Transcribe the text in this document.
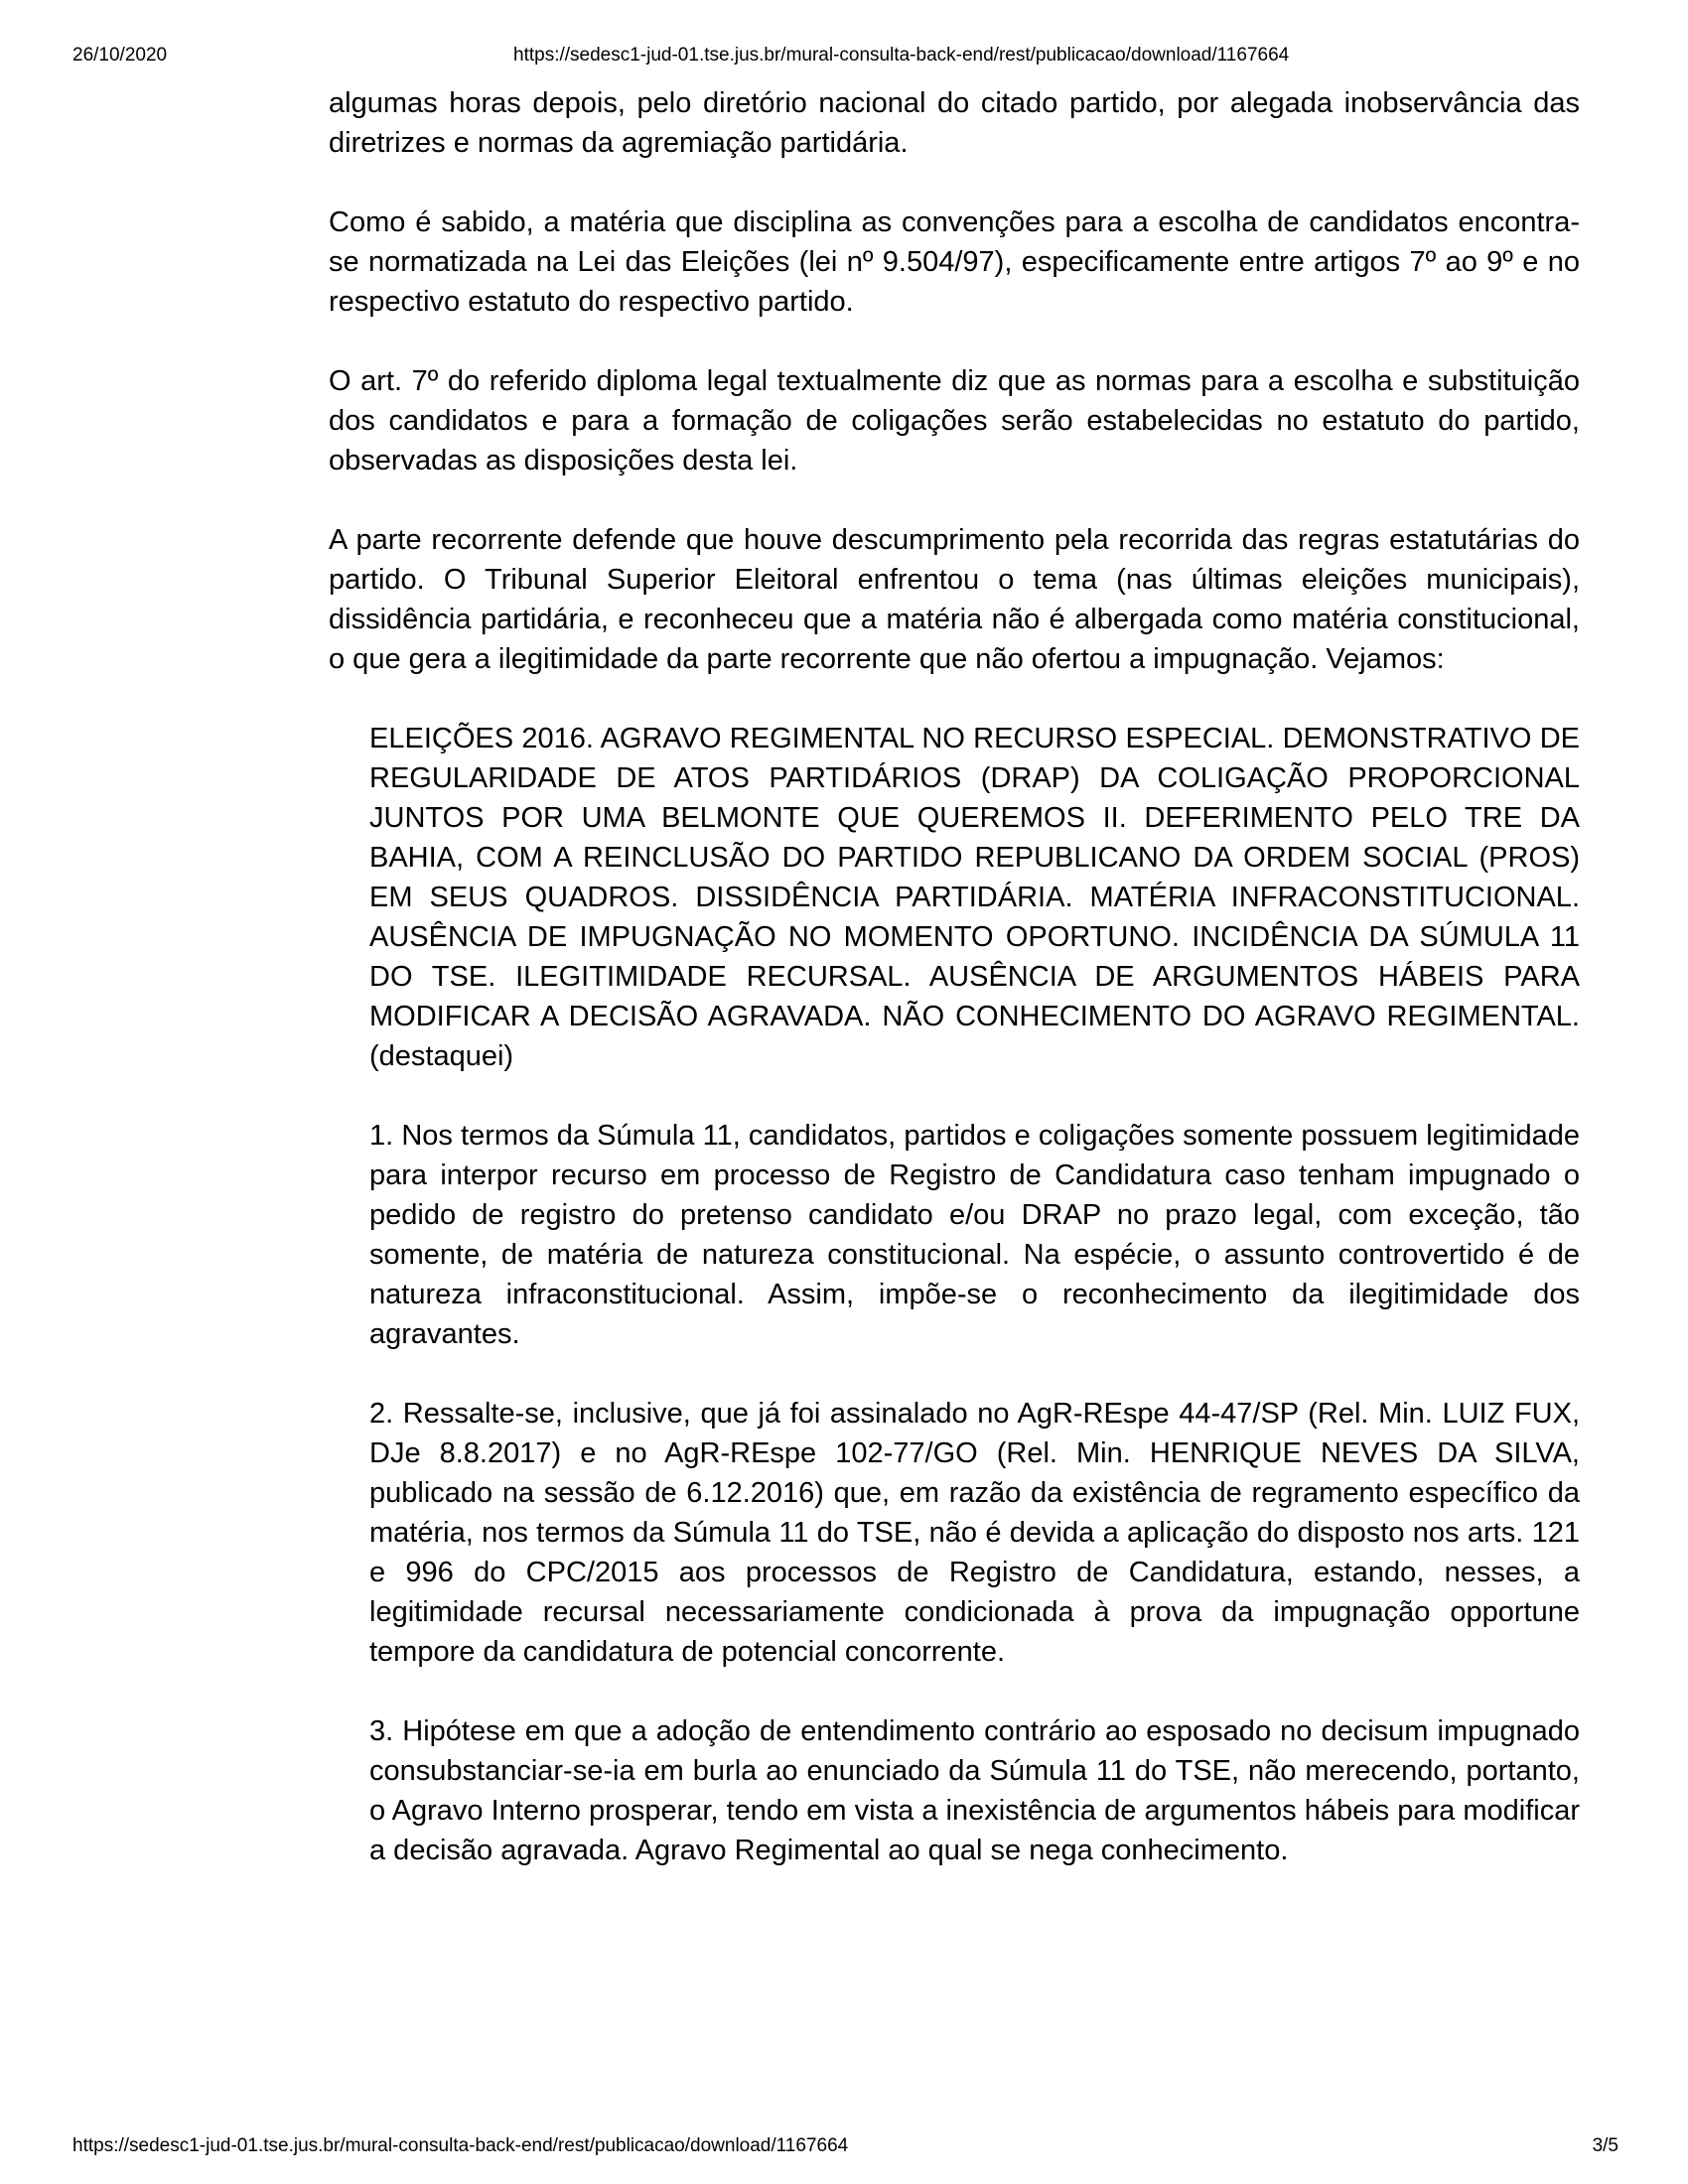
26/10/2020	https://sedesc1-jud-01.tse.jus.br/mural-consulta-back-end/rest/publicacao/download/1167664

algumas horas depois, pelo diretório nacional do citado partido, por alegada inobservância das diretrizes e normas da agremiação partidária.

Como é sabido, a matéria que disciplina as convenções para a escolha de candidatos encontra-se normatizada na Lei das Eleições (lei nº 9.504/97), especificamente entre artigos 7º ao 9º e no respectivo estatuto do respectivo partido.

O art. 7º do referido diploma legal textualmente diz que as normas para a escolha e substituição dos candidatos e para a formação de coligações serão estabelecidas no estatuto do partido, observadas as disposições desta lei.

A parte recorrente defende que houve descumprimento pela recorrida das regras estatutárias do partido. O Tribunal Superior Eleitoral enfrentou o tema (nas últimas eleições municipais), dissidência partidária, e reconheceu que a matéria não é albergada como matéria constitucional, o que gera a ilegitimidade da parte recorrente que não ofertou a impugnação. Vejamos:

ELEIÇÕES 2016. AGRAVO REGIMENTAL NO RECURSO ESPECIAL. DEMONSTRATIVO DE REGULARIDADE DE ATOS PARTIDÁRIOS (DRAP) DA COLIGAÇÃO PROPORCIONAL JUNTOS POR UMA BELMONTE QUE QUEREMOS II. DEFERIMENTO PELO TRE DA BAHIA, COM A REINCLUSÃO DO PARTIDO REPUBLICANO DA ORDEM SOCIAL (PROS) EM SEUS QUADROS. DISSIDÊNCIA PARTIDÁRIA. MATÉRIA INFRACONSTITUCIONAL. AUSÊNCIA DE IMPUGNAÇÃO NO MOMENTO OPORTUNO. INCIDÊNCIA DA SÚMULA 11 DO TSE. ILEGITIMIDADE RECURSAL. AUSÊNCIA DE ARGUMENTOS HÁBEIS PARA MODIFICAR A DECISÃO AGRAVADA. NÃO CONHECIMENTO DO AGRAVO REGIMENTAL. (destaquei)

1. Nos termos da Súmula 11, candidatos, partidos e coligações somente possuem legitimidade para interpor recurso em processo de Registro de Candidatura caso tenham impugnado o pedido de registro do pretenso candidato e/ou DRAP no prazo legal, com exceção, tão somente, de matéria de natureza constitucional. Na espécie, o assunto controvertido é de natureza infraconstitucional. Assim, impõe-se o reconhecimento da ilegitimidade dos agravantes.

2. Ressalte-se, inclusive, que já foi assinalado no AgR-REspe 44-47/SP (Rel. Min. LUIZ FUX, DJe 8.8.2017) e no AgR-REspe 102-77/GO (Rel. Min. HENRIQUE NEVES DA SILVA, publicado na sessão de 6.12.2016) que, em razão da existência de regramento específico da matéria, nos termos da Súmula 11 do TSE, não é devida a aplicação do disposto nos arts. 121 e 996 do CPC/2015 aos processos de Registro de Candidatura, estando, nesses, a legitimidade recursal necessariamente condicionada à prova da impugnação opportune tempore da candidatura de potencial concorrente.

3. Hipótese em que a adoção de entendimento contrário ao esposado no decisum impugnado consubstanciar-se-ia em burla ao enunciado da Súmula 11 do TSE, não merecendo, portanto, o Agravo Interno prosperar, tendo em vista a inexistência de argumentos hábeis para modificar a decisão agravada. Agravo Regimental ao qual se nega conhecimento.

https://sedesc1-jud-01.tse.jus.br/mural-consulta-back-end/rest/publicacao/download/1167664	3/5
